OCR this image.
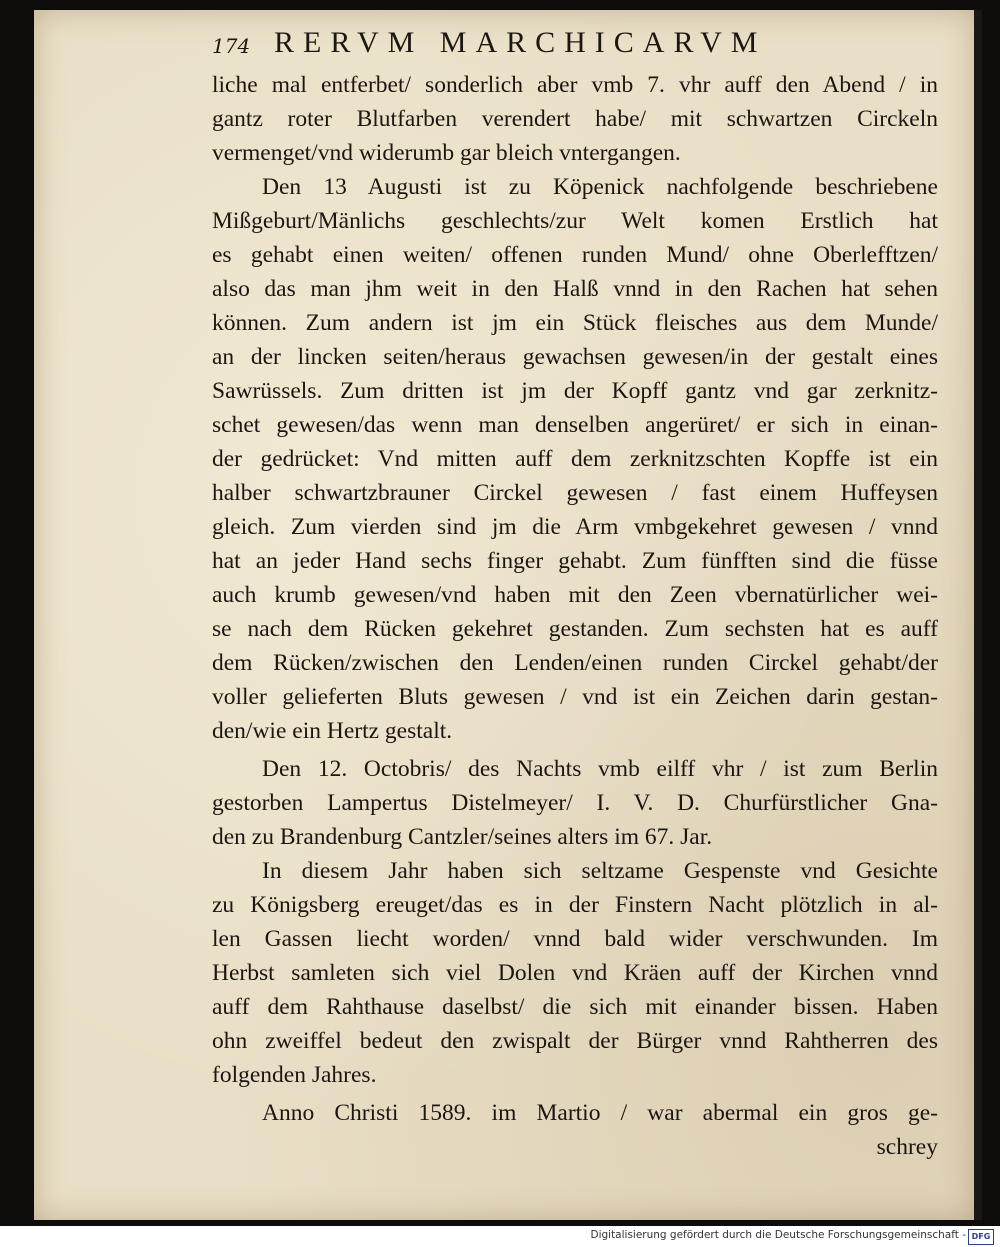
174 RERVM MARCHICARVM
liche mal entferbet/ sonderlich aber vmb 7. vhr auff den Abend / in
gantz roter Blutfarben verendert habe/ mit schwartzen Circkeln
vermenget/vnd widerumb gar bleich vntergangen.
Den 13 Augusti ist zu Köpenick nachfolgende beschriebene
Mißgeburt/Mänlichs geschlechts/zur Welt komen Erstlich hat
es gehabt einen weiten/ offenen runden Mund/ ohne Oberlefftzen/
also das man jhm weit in den Halß vnnd in den Rachen hat sehen
können. Zum andern ist jm ein Stück fleisches aus dem Munde/
an der lincken seiten/heraus gewachsen gewesen/in der gestalt eines
Sawrüssels. Zum dritten ist jm der Kopff gantz vnd gar zerknitz-
schet gewesen/das wenn man denselben angerüret/ er sich in einan-
der gedrücket: Vnd mitten auff dem zerknitzschten Kopffe ist ein
halber schwartzbrauner Circkel gewesen / fast einem Huffeysen
gleich. Zum vierden sind jm die Arm vmbgekehret gewesen / vnnd
hat an jeder Hand sechs finger gehabt. Zum fünfften sind die füsse
auch krumb gewesen/vnd haben mit den Zeen vbernatürlicher wei-
se nach dem Rücken gekehret gestanden. Zum sechsten hat es auff
dem Rücken/zwischen den Lenden/einen runden Circkel gehabt/der
voller gelieferten Bluts gewesen / vnd ist ein Zeichen darin gestan-
den/wie ein Hertz gestalt.
Den 12. Octobris/ des Nachts vmb eilff vhr / ist zum Berlin
gestorben Lampertus Distelmeyer/ I. V. D. Churfürstlicher Gna-
den zu Brandenburg Cantzler/seines alters im 67. Jar.
In diesem Jahr haben sich seltzame Gespenste vnd Gesichte
zu Königsberg ereuget/das es in der Finstern Nacht plötzlich in al-
len Gassen liecht worden/ vnnd bald wider verschwunden. Im
Herbst samleten sich viel Dolen vnd Kräen auff der Kirchen vnnd
auff dem Rahthause daselbst/ die sich mit einander bissen. Haben
ohn zweiffel bedeut den zwispalt der Bürger vnnd Rahtherren des
folgenden Jahres.
Anno Christi 1589. im Martio / war abermal ein gros ge-
schrey
Digitalisierung gefördert durch die Deutsche Forschungsgemeinschaft - DFG
